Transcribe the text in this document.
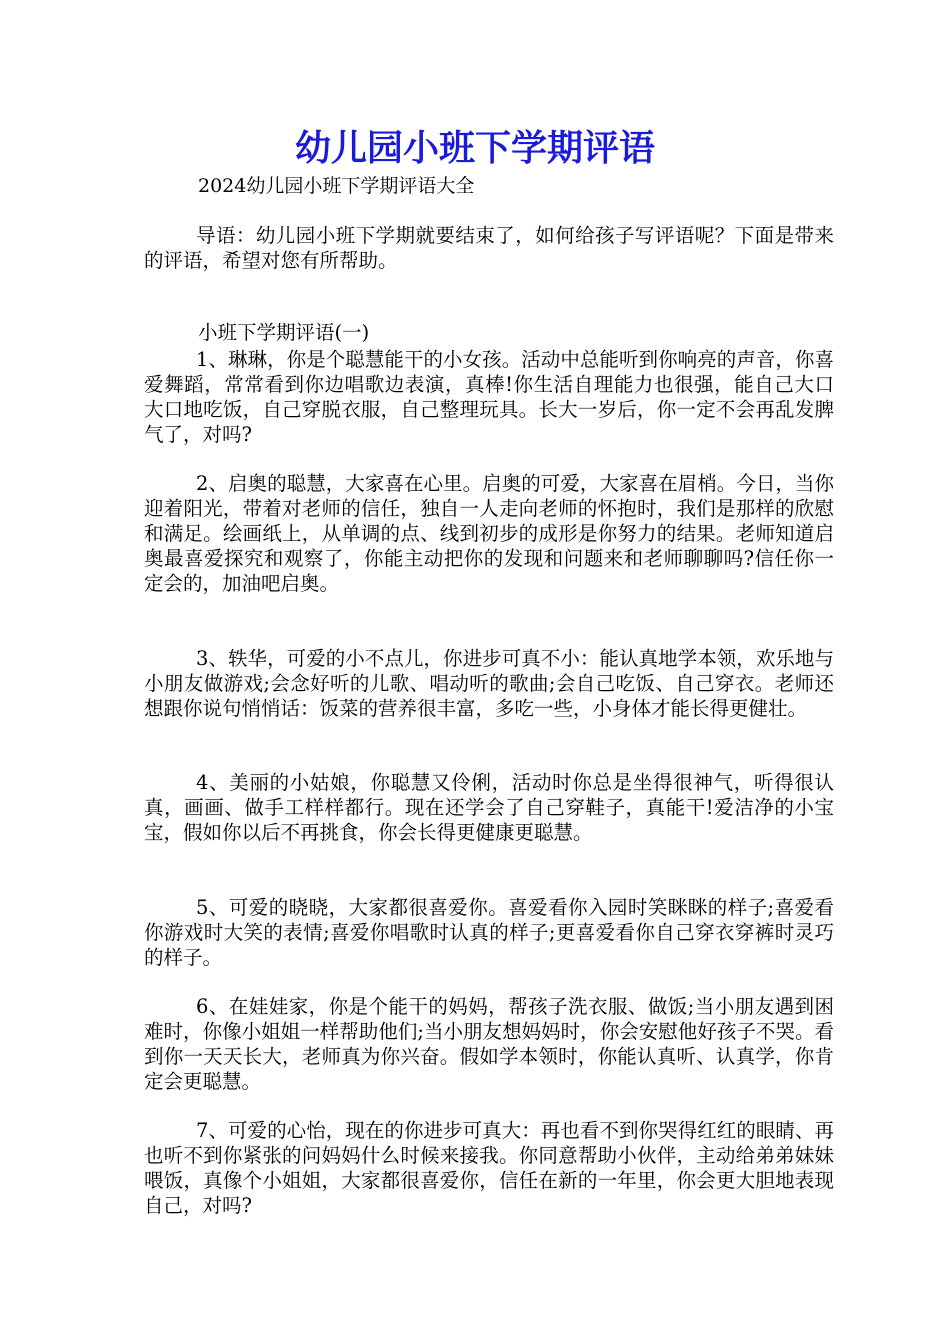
幼儿园小班下学期评语

2024幼儿园小班下学期评语大全

导语：幼儿园小班下学期就要结束了，如何给孩子写评语呢？下面是带来的评语，希望对您有所帮助。

小班下学期评语(一)

1、琳琳，你是个聪慧能干的小女孩。活动中总能听到你响亮的声音，你喜爱舞蹈，常常看到你边唱歌边表演，真棒!你生活自理能力也很强，能自己大口大口地吃饭，自己穿脱衣服，自己整理玩具。长大一岁后，你一定不会再乱发脾气了，对吗?

2、启奥的聪慧，大家喜在心里。启奥的可爱，大家喜在眉梢。今日，当你迎着阳光，带着对老师的信任，独自一人走向老师的怀抱时，我们是那样的欣慰和满足。绘画纸上，从单调的点、线到初步的成形是你努力的结果。老师知道启奥最喜爱探究和观察了，你能主动把你的发现和问题来和老师聊聊吗?信任你一定会的，加油吧启奥。

3、轶华，可爱的小不点儿，你进步可真不小：能认真地学本领，欢乐地与小朋友做游戏;会念好听的儿歌、唱动听的歌曲;会自己吃饭、自己穿衣。老师还想跟你说句悄悄话：饭菜的营养很丰富，多吃一些，小身体才能长得更健壮。

4、美丽的小姑娘，你聪慧又伶俐，活动时你总是坐得很神气，听得很认真，画画、做手工样样都行。现在还学会了自己穿鞋子，真能干!爱洁净的小宝宝，假如你以后不再挑食，你会长得更健康更聪慧。

5、可爱的晓晓，大家都很喜爱你。喜爱看你入园时笑眯眯的样子;喜爱看你游戏时大笑的表情;喜爱你唱歌时认真的样子;更喜爱看你自己穿衣穿裤时灵巧的样子。

6、在娃娃家，你是个能干的妈妈，帮孩子洗衣服、做饭;当小朋友遇到困难时，你像小姐姐一样帮助他们;当小朋友想妈妈时，你会安慰他好孩子不哭。看到你一天天长大，老师真为你兴奋。假如学本领时，你能认真听、认真学，你肯定会更聪慧。

7、可爱的心怡，现在的你进步可真大：再也看不到你哭得红红的眼睛、再也听不到你紧张的问妈妈什么时候来接我。你同意帮助小伙伴，主动给弟弟妹妹喂饭，真像个小姐姐，大家都很喜爱你，信任在新的一年里，你会更大胆地表现自己，对吗?
